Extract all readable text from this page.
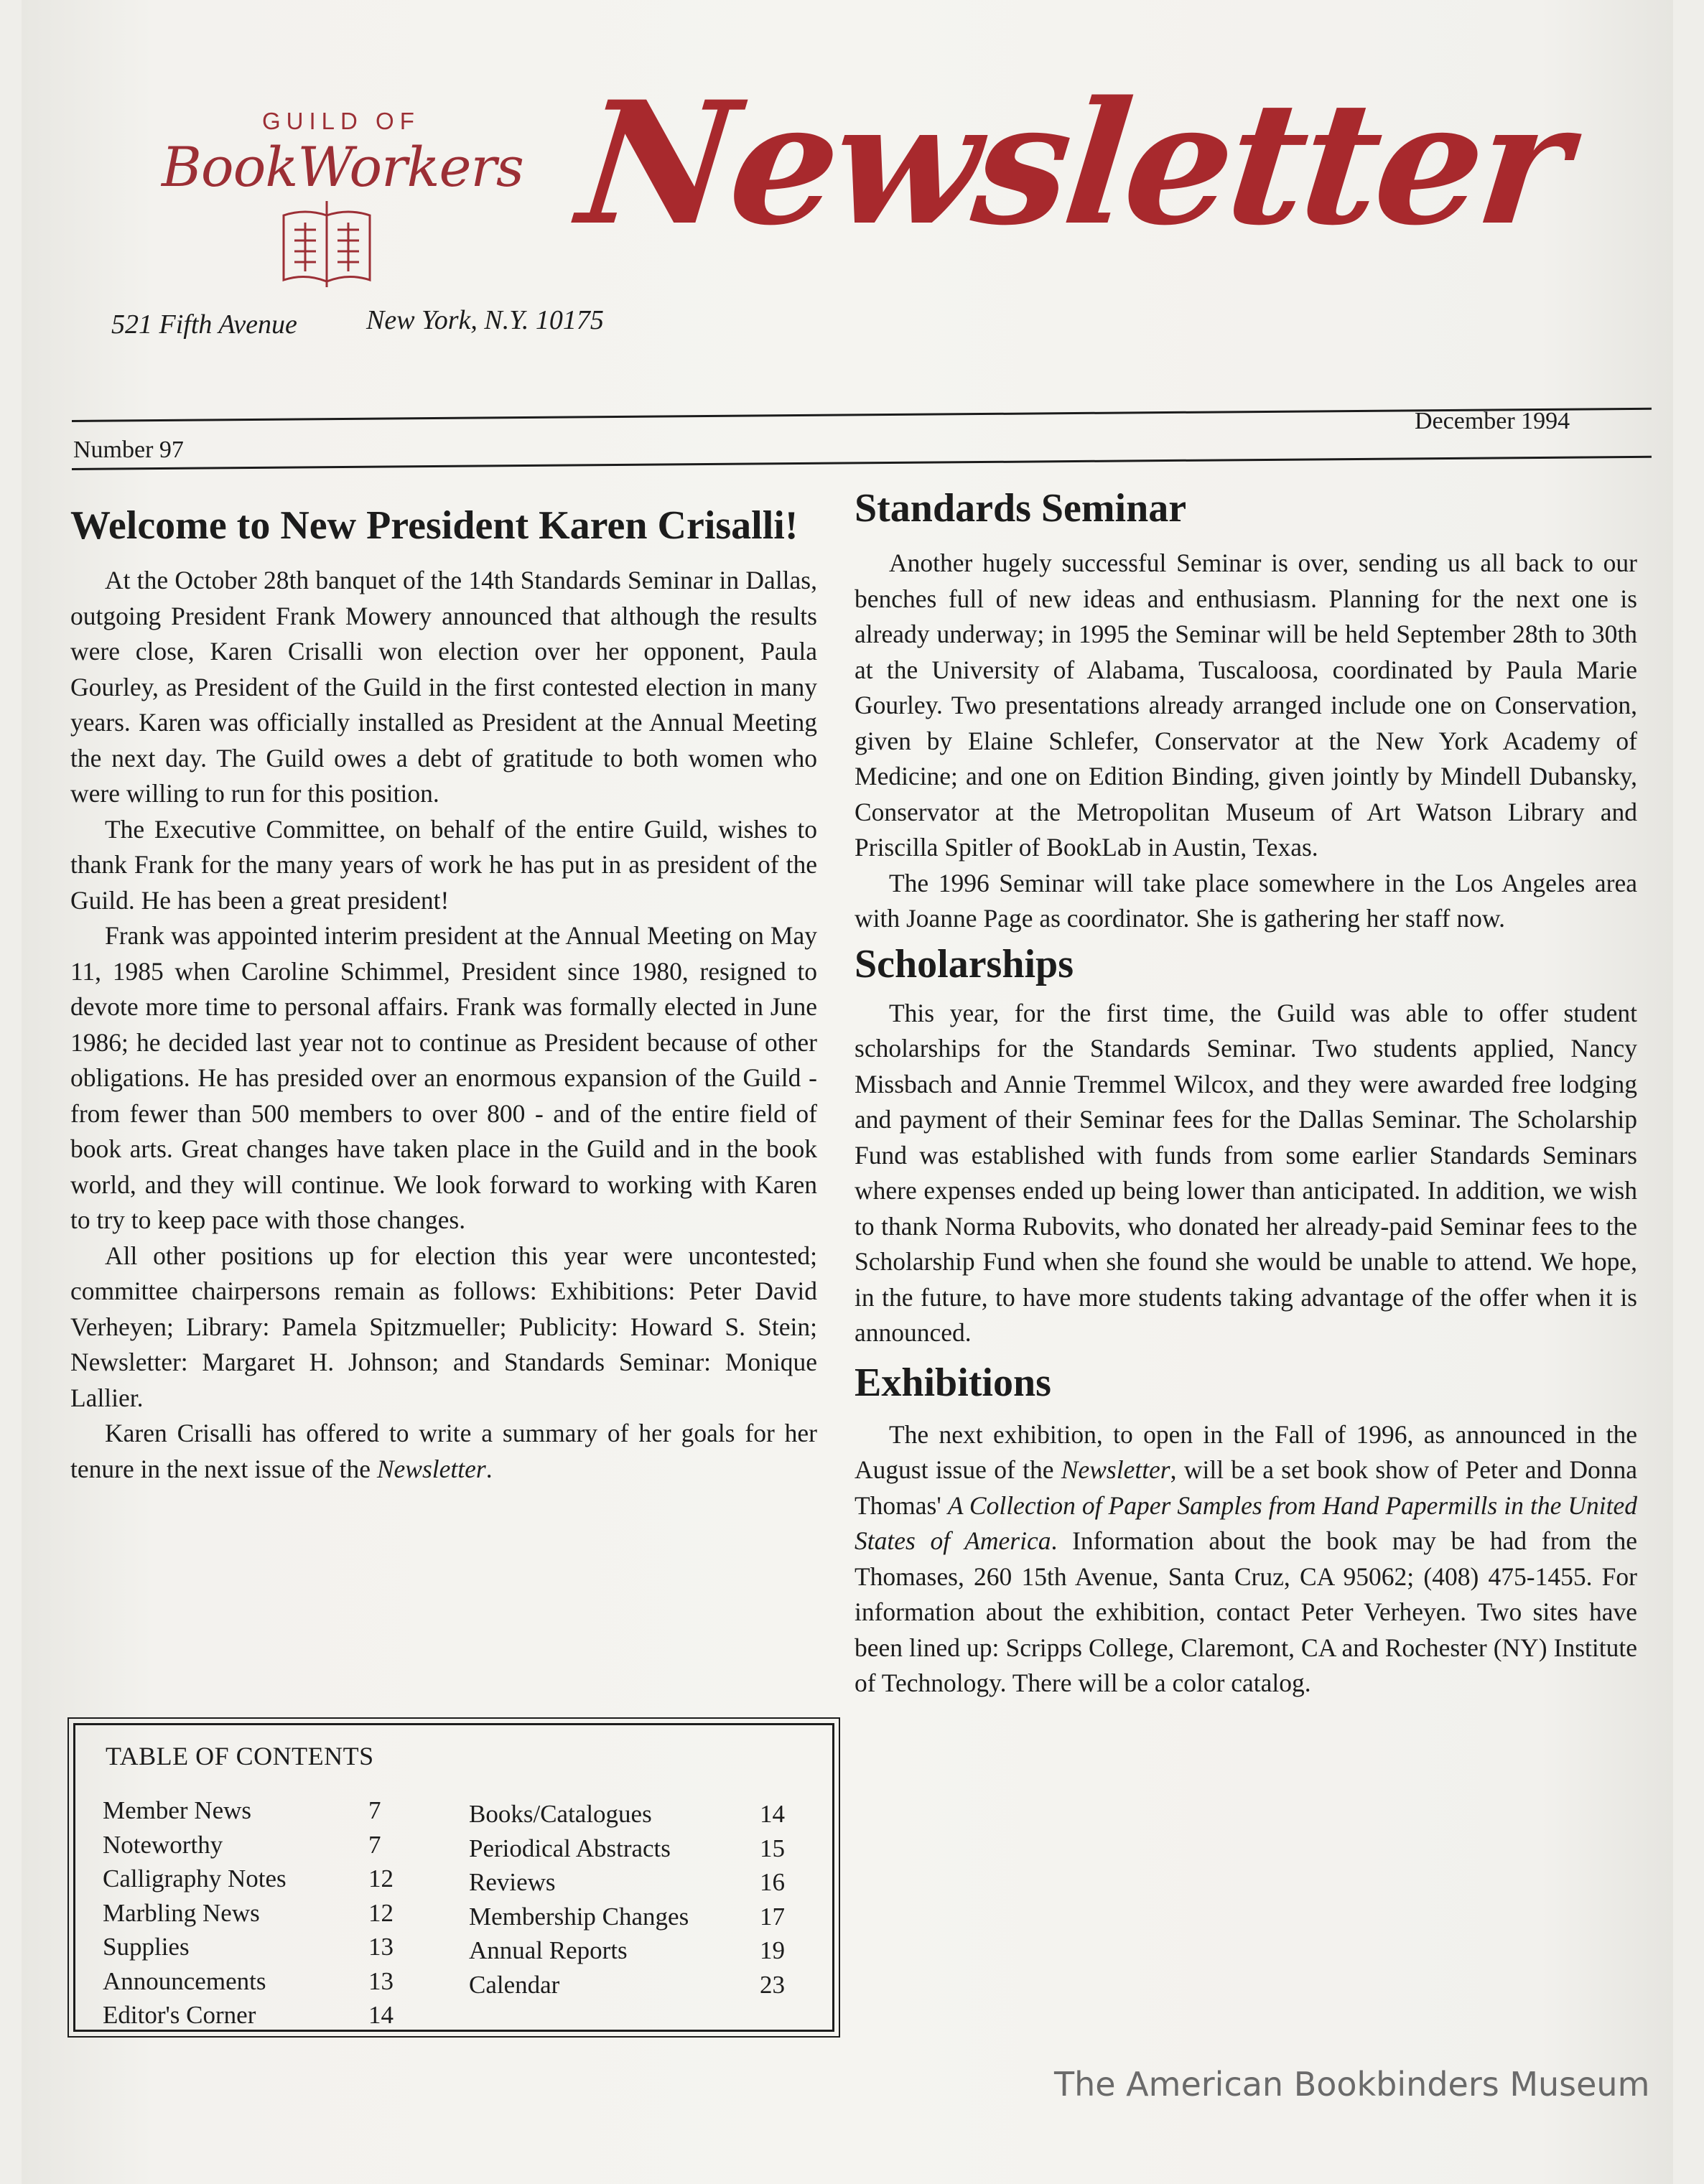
GUILD OF
BookWorkers Newsletter
521 Fifth Avenue	New York, N.Y. 10175
Number 97
December 1994
Welcome to New President Karen Crisalli!

At the October 28th banquet of the 14th Standards Seminar in Dallas, outgoing President Frank Mowery announced that although the results were close, Karen Crisalli won election over her opponent, Paula Gourley, as President of the Guild in the first contested election in many years. Karen was officially installed as President at the Annual Meeting the next day. The Guild owes a debt of gratitude to both women who were willing to run for this position.

The Executive Committee, on behalf of the entire Guild, wishes to thank Frank for the many years of work he has put in as president of the Guild. He has been a great president!

Frank was appointed interim president at the Annual Meeting on May 11, 1985 when Caroline Schimmel, President since 1980, resigned to devote more time to personal affairs. Frank was formally elected in June 1986; he decided last year not to continue as President because of other obligations. He has presided over an enormous expansion of the Guild - from fewer than 500 members to over 800 - and of the entire field of book arts. Great changes have taken place in the Guild and in the book world, and they will continue. We look forward to working with Karen to try to keep pace with those changes.

All other positions up for election this year were uncontested; committee chairpersons remain as follows: Exhibitions: Peter David Verheyen; Library: Pamela Spitzmueller; Publicity: Howard S. Stein; Newsletter: Margaret H. Johnson; and Standards Seminar: Monique Lallier.

Karen Crisalli has offered to write a summary of her goals for her tenure in the next issue of the Newsletter.

TABLE OF CONTENTS
Member News	7
Noteworthy	7
Calligraphy Notes	12
Marbling News	12
Supplies	13
Announcements	13
Editor's Corner	14
Books/Catalogues	14
Periodical Abstracts	15
Reviews	16
Membership Changes	17
Annual Reports	19
Calendar	23
Standards Seminar

Another hugely successful Seminar is over, sending us all back to our benches full of new ideas and enthusiasm. Planning for the next one is already underway; in 1995 the Seminar will be held September 28th to 30th at the University of Alabama, Tuscaloosa, coordinated by Paula Marie Gourley. Two presentations already arranged include one on Conservation, given by Elaine Schlefer, Conservator at the New York Academy of Medicine; and one on Edition Binding, given jointly by Mindell Dubansky, Conservator at the Metropolitan Museum of Art Watson Library and Priscilla Spitler of BookLab in Austin, Texas.

The 1996 Seminar will take place somewhere in the Los Angeles area with Joanne Page as coordinator. She is gathering her staff now.

Scholarships

This year, for the first time, the Guild was able to offer student scholarships for the Standards Seminar. Two students applied, Nancy Missbach and Annie Tremmel Wilcox, and they were awarded free lodging and payment of their Seminar fees for the Dallas Seminar. The Scholarship Fund was established with funds from some earlier Standards Seminars where expenses ended up being lower than anticipated. In addition, we wish to thank Norma Rubovits, who donated her already-paid Seminar fees to the Scholarship Fund when she found she would be unable to attend. We hope, in the future, to have more students taking advantage of the offer when it is announced.

Exhibitions

The next exhibition, to open in the Fall of 1996, as announced in the August issue of the Newsletter, will be a set book show of Peter and Donna Thomas' A Collection of Paper Samples from Hand Papermills in the United States of America. Information about the book may be had from the Thomases, 260 15th Avenue, Santa Cruz, CA 95062; (408) 475-1455. For information about the exhibition, contact Peter Verheyen. Two sites have been lined up: Scripps College, Claremont, CA and Rochester (NY) Institute of Technology. There will be a color catalog.

The American Bookbinders Museum
